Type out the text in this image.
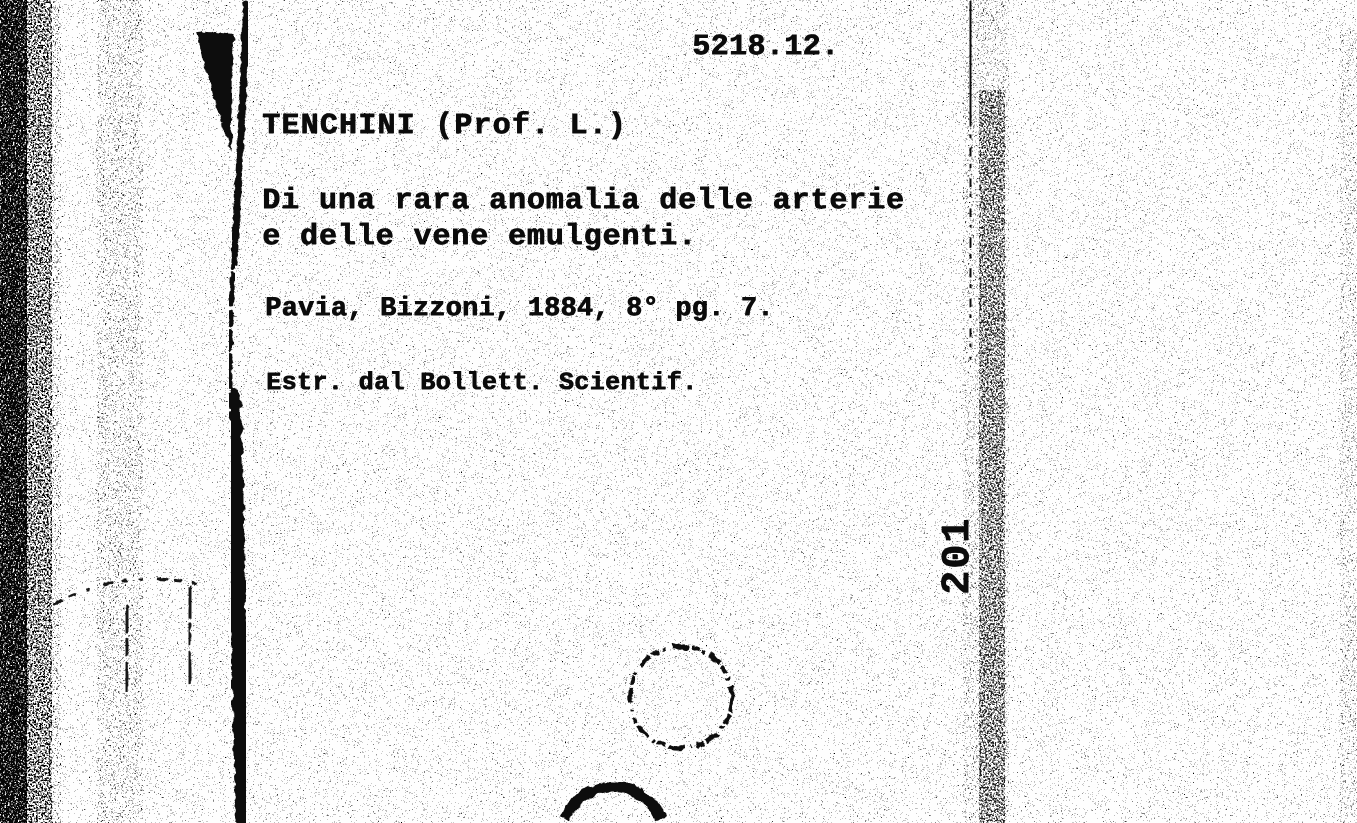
5218.12.
TENCHINI (Prof. L.)
Di una rara anomalia delle arterie
e delle vene emulgenti.
Pavia, Bizzoni, 1884, 8° pg. 7.
Estr. dal Bollett. Scientif.
201
